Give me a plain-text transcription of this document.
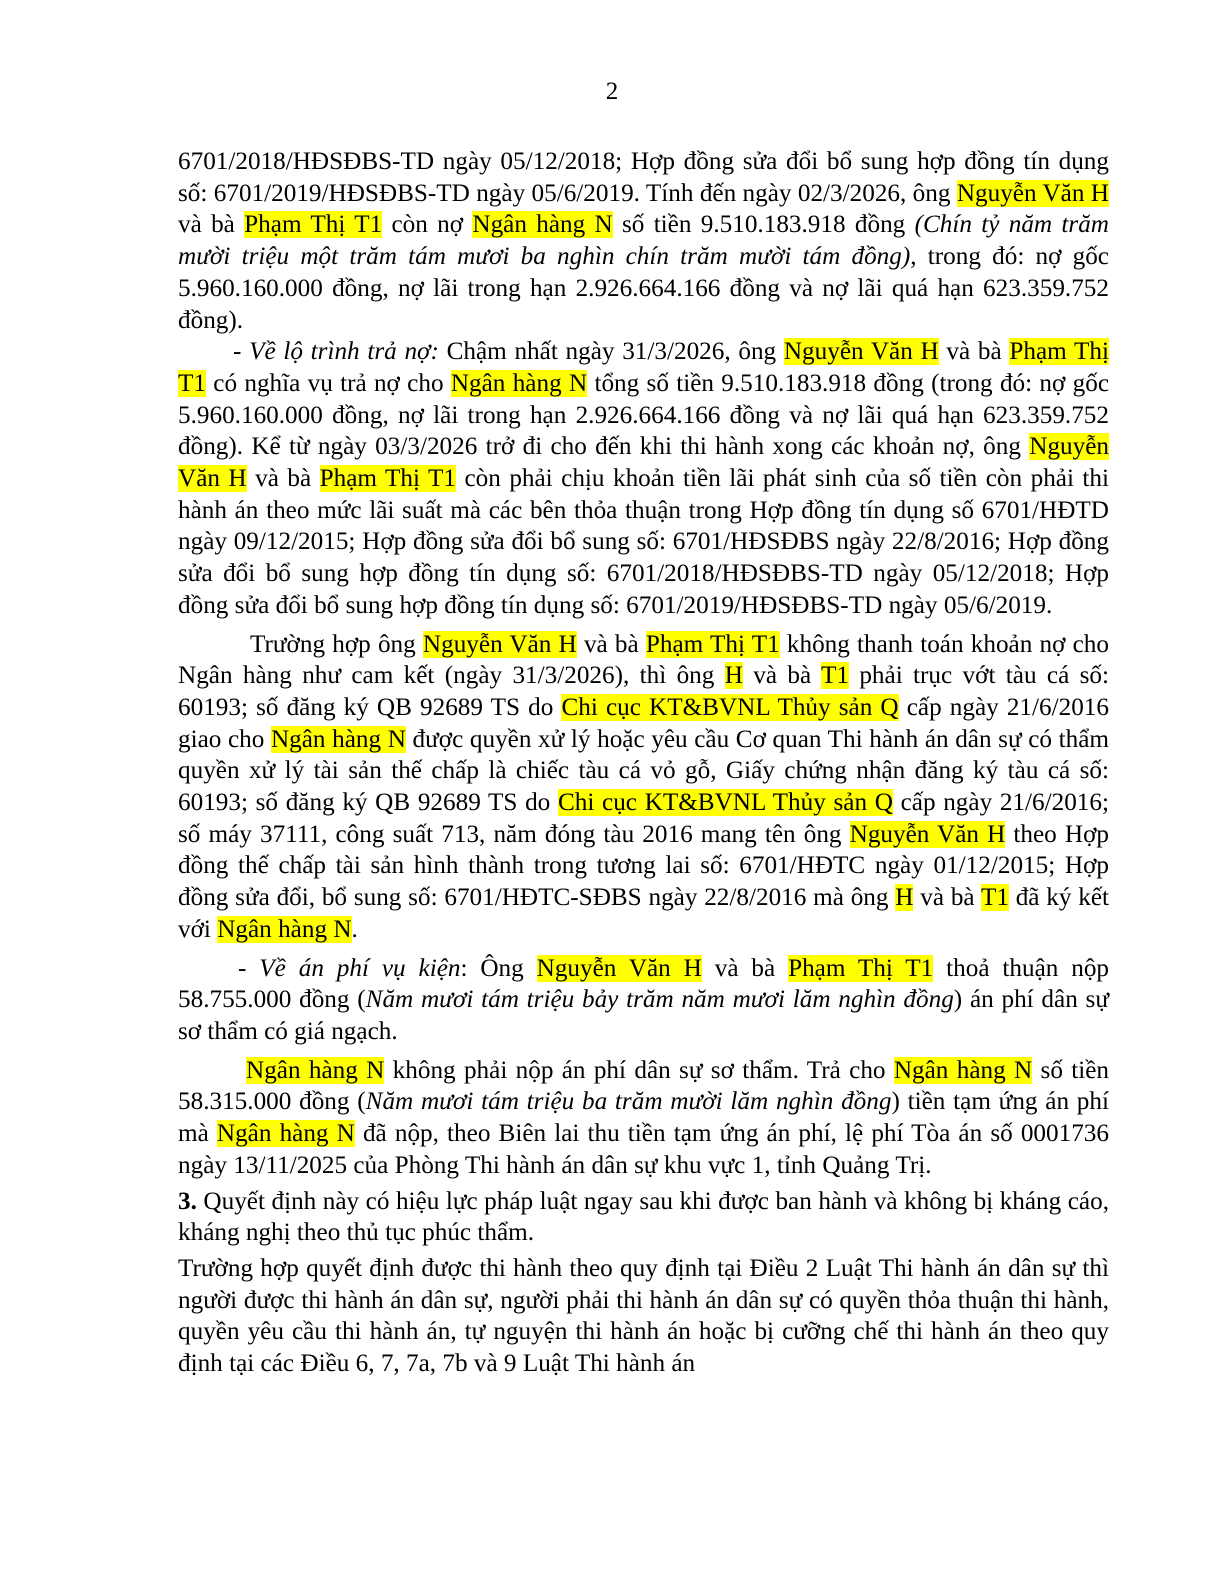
2

6701/2018/HĐSĐBS-TD ngày 05/12/2018; Hợp đồng sửa đổi bổ sung hợp đồng tín dụng số: 6701/2019/HĐSĐBS-TD ngày 05/6/2019. Tính đến ngày 02/3/2026, ông Nguyễn Văn H và bà Phạm Thị T1 còn nợ Ngân hàng N số tiền 9.510.183.918 đồng (Chín tỷ năm trăm mười triệu một trăm tám mươi ba nghìn chín trăm mười tám đồng), trong đó: nợ gốc 5.960.160.000 đồng, nợ lãi trong hạn 2.926.664.166 đồng và nợ lãi quá hạn 623.359.752 đồng).

- Về lộ trình trả nợ: Chậm nhất ngày 31/3/2026, ông Nguyễn Văn H và bà Phạm Thị T1 có nghĩa vụ trả nợ cho Ngân hàng N tổng số tiền 9.510.183.918 đồng (trong đó: nợ gốc 5.960.160.000 đồng, nợ lãi trong hạn 2.926.664.166 đồng và nợ lãi quá hạn 623.359.752 đồng). Kể từ ngày 03/3/2026 trở đi cho đến khi thi hành xong các khoản nợ, ông Nguyễn Văn H và bà Phạm Thị T1 còn phải chịu khoản tiền lãi phát sinh của số tiền còn phải thi hành án theo mức lãi suất mà các bên thỏa thuận trong Hợp đồng tín dụng số 6701/HĐTD ngày 09/12/2015; Hợp đồng sửa đổi bổ sung số: 6701/HĐSĐBS ngày 22/8/2016; Hợp đồng sửa đổi bổ sung hợp đồng tín dụng số: 6701/2018/HĐSĐBS-TD ngày 05/12/2018; Hợp đồng sửa đổi bổ sung hợp đồng tín dụng số: 6701/2019/HĐSĐBS-TD ngày 05/6/2019.

Trường hợp ông Nguyễn Văn H và bà Phạm Thị T1 không thanh toán khoản nợ cho Ngân hàng như cam kết (ngày 31/3/2026), thì ông H và bà T1 phải trục vớt tàu cá số: 60193; số đăng ký QB 92689 TS do Chi cục KT&BVNL Thủy sản Q cấp ngày 21/6/2016 giao cho Ngân hàng N được quyền xử lý hoặc yêu cầu Cơ quan Thi hành án dân sự có thẩm quyền xử lý tài sản thế chấp là chiếc tàu cá vỏ gỗ, Giấy chứng nhận đăng ký tàu cá số: 60193; số đăng ký QB 92689 TS do Chi cục KT&BVNL Thủy sản Q cấp ngày 21/6/2016; số máy 37111, công suất 713, năm đóng tàu 2016 mang tên ông Nguyễn Văn H theo Hợp đồng thế chấp tài sản hình thành trong tương lai số: 6701/HĐTC ngày 01/12/2015; Hợp đồng sửa đổi, bổ sung số: 6701/HĐTC-SĐBS ngày 22/8/2016 mà ông H và bà T1 đã ký kết với Ngân hàng N.

- Về án phí vụ kiện: Ông Nguyễn Văn H và bà Phạm Thị T1 thoả thuận nộp 58.755.000 đồng (Năm mươi tám triệu bảy trăm năm mươi lăm nghìn đồng) án phí dân sự sơ thẩm có giá ngạch.

Ngân hàng N không phải nộp án phí dân sự sơ thẩm. Trả cho Ngân hàng N số tiền 58.315.000 đồng (Năm mươi tám triệu ba trăm mười lăm nghìn đồng) tiền tạm ứng án phí mà Ngân hàng N đã nộp, theo Biên lai thu tiền tạm ứng án phí, lệ phí Tòa án số 0001736 ngày 13/11/2025 của Phòng Thi hành án dân sự khu vực 1, tỉnh Quảng Trị.

3. Quyết định này có hiệu lực pháp luật ngay sau khi được ban hành và không bị kháng cáo, kháng nghị theo thủ tục phúc thẩm.

Trường hợp quyết định được thi hành theo quy định tại Điều 2 Luật Thi hành án dân sự thì người được thi hành án dân sự, người phải thi hành án dân sự có quyền thỏa thuận thi hành, quyền yêu cầu thi hành án, tự nguyện thi hành án hoặc bị cưỡng chế thi hành án theo quy định tại các Điều 6, 7, 7a, 7b và 9 Luật Thi hành án
